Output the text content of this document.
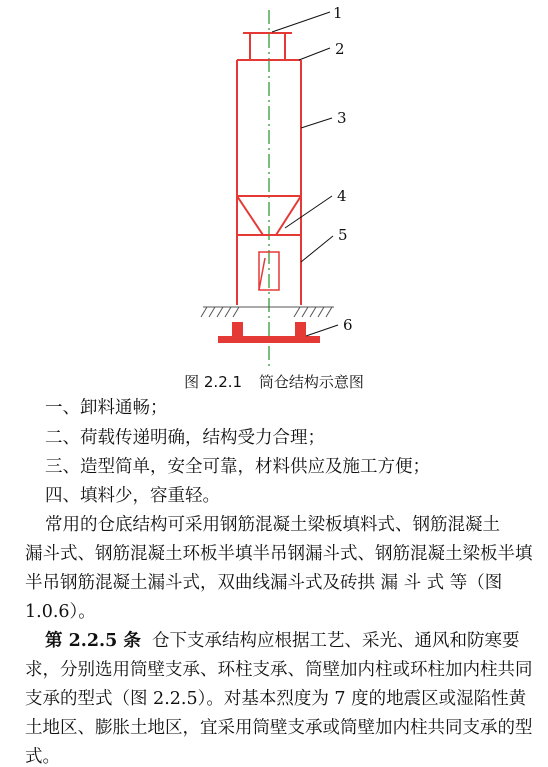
1
2
3
4
5
6
图 2.2.1 筒仓结构示意图
一、卸料通畅；
二、荷载传递明确，结构受力合理；
三、造型简单，安全可靠，材料供应及施工方便；
四、填料少，容重轻。
常用的仓底结构可采用钢筋混凝土梁板填料式、钢筋混凝土
漏斗式、钢筋混凝土环板半填半吊钢漏斗式、钢筋混凝土梁板半填
半吊钢筋混凝土漏斗式，双曲线漏斗式及砖拱 漏 斗 式 等（图
1.0.6）。
第 2.2.5 条 仓下支承结构应根据工艺、采光、通风和防寒要
求，分别选用筒壁支承、环柱支承、筒壁加内柱或环柱加内柱共同
支承的型式（图 2.2.5）。对基本烈度为 7 度的地震区或湿陷性黄
土地区、膨胀土地区，宜采用筒壁支承或筒壁加内柱共同支承的型
式。
